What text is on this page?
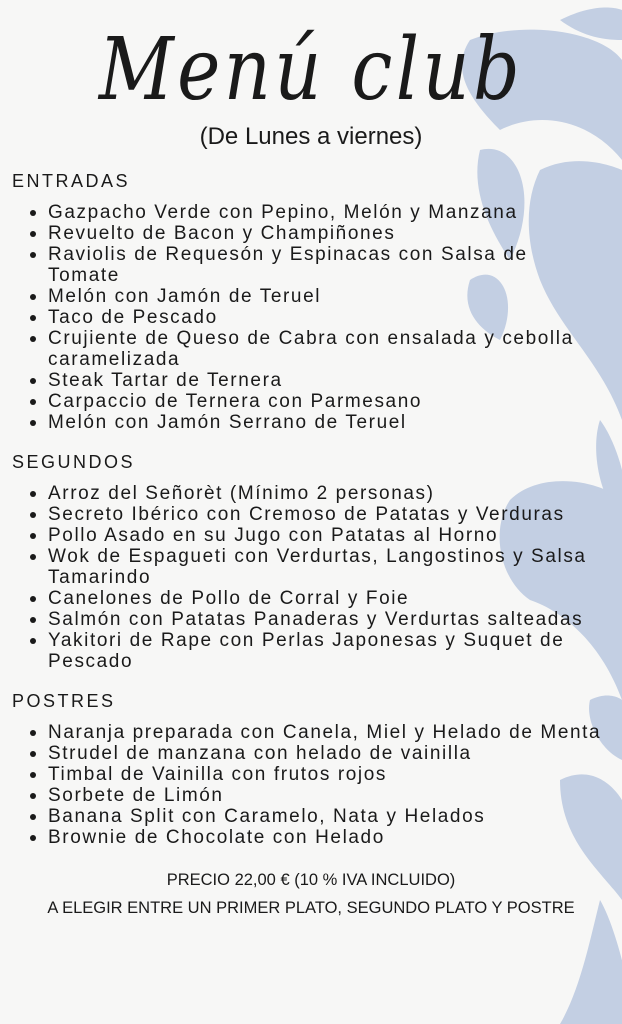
Menú club
(De Lunes a viernes)
ENTRADAS
Gazpacho Verde con Pepino, Melón y Manzana
Revuelto de Bacon y Champiñones
Raviolis de Requesón y Espinacas con Salsa de Tomate
Melón con Jamón de Teruel
Taco de Pescado
Crujiente de Queso de Cabra con ensalada y cebolla caramelizada
Steak Tartar de Ternera
Carpaccio de Ternera con Parmesano
Melón con Jamón Serrano de Teruel
SEGUNDOS
Arroz del Señorèt (Mínimo 2 personas)
Secreto Ibérico con Cremoso de Patatas y Verduras
Pollo Asado en su Jugo con Patatas al Horno
Wok de Espagueti con Verdurtas, Langostinos y Salsa Tamarindo
Canelones de Pollo de Corral y Foie
Salmón con Patatas Panaderas y Verdurtas salteadas
Yakitori de Rape con Perlas Japonesas y Suquet de Pescado
POSTRES
Naranja preparada con Canela, Miel y Helado de Menta
Strudel de manzana con helado de vainilla
Timbal de Vainilla con frutos rojos
Sorbete de Limón
Banana Split con Caramelo, Nata y Helados
Brownie de Chocolate con Helado
PRECIO 22,00 € (10 % IVA INCLUIDO)
A ELEGIR ENTRE UN PRIMER PLATO, SEGUNDO PLATO Y POSTRE
